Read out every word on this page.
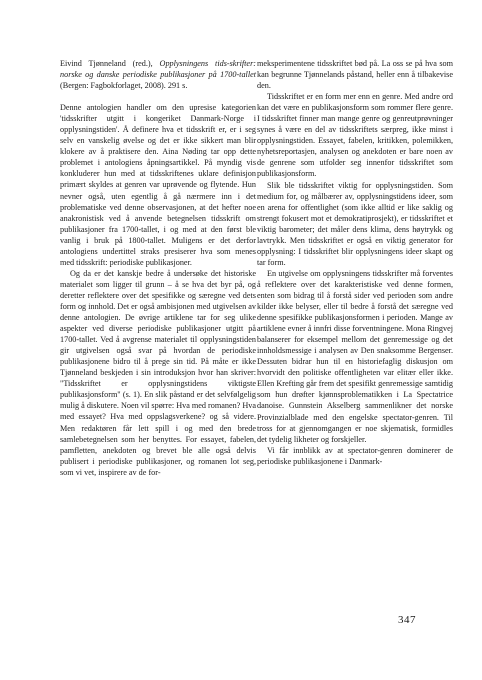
Eivind Tjønneland (red.), Opplysningens tids-skrifter: norske og danske periodiske publikasjoner på 1700-tallet (Bergen: Fagbokforlaget, 2008). 291 s.

Denne antologien handler om den upresise kategorien 'tidsskrifter utgitt i kongeriket Danmark-Norge i opplysningstiden'. Å definere hva et tidsskrift er, er i seg selv en vanskelig øvelse og det er ikke sikkert man blir klokere av å praktisere den. Aina Nøding tar opp dette problemet i antologiens åpningsartikkel. På myndig vis konkluderer hun med at tidsskriftenes uklare definisjon primært skyldes at genren var uprøvende og flytende. Hun nevner også, uten egentlig å gå nærmere inn i det problematiske ved denne observasjonen, at det hefter noe anakronistisk ved å anvende betegnelsen tidsskrift om publikasjoner fra 1700-tallet, i og med at den først ble vanlig i bruk på 1800-tallet. Muligens er det derfor antologiens undertittel straks presiserer hva som menes med tidsskrift: periodiske publikasjoner.

Og da er det kanskje bedre å undersøke det historiske materialet som ligger til grunn – å se hva det byr på, og deretter reflektere over det spesifikke og særegne ved dets form og innhold. Det er også ambisjonen med utgivelsen av denne antologien. De øvrige artiklene tar for seg ulike aspekter ved diverse periodiske publikasjoner utgitt på 1700-tallet. Ved å avgrense materialet til opplysningstiden gir utgivelsen også svar på hvordan de periodiske publikasjonene bidro til å prege sin tid. På måte er ikke Tjønneland beskjeden i sin introduksjon hvor han skriver: "Tidsskriftet er opplysningstidens viktigste publikasjonsform" (s. 1). En slik påstand er det selvfølgelig mulig å diskutere. Noen vil spørre: Hva med romanen? Hva med essayet? Hva med oppslagsverkene? og så videre. Men redaktøren får lett spill i og med den brede samlebetegnelsen som her benyttes. For essayet, fabelen, pamfletten, anekdoten og brevet ble alle også delvis publisert i periodiske publikasjoner, og romanen lot seg, som vi vet, inspirere av de for-

meksperimentene tidsskriftet bød på. La oss se på hva som kan begrunne Tjønnelands påstand, heller enn å tilbakevise den.

Tidsskriftet er en form mer enn en genre. Med andre ord kan det være en publikasjonsform som rommer flere genre. I tidsskriftet finner man mange genre og genreutprøvninger synes å være en del av tidsskriftets særpreg, ikke minst i opplysningstiden. Essayet, fabelen, kritikken, polemikken, nyhetsreportasjen, analysen og anekdoten er bare noen av de genrene som utfolder seg innenfor tidsskriftet som publikasjonsform.

Slik ble tidsskriftet viktig for opplysningstiden. Som medium for, og målbærer av, opplysningstidens ideer, som en arena for offentlighet (som ikke alltid er like saklig og strengt fokusert mot et demokratiprosjekt), er tidsskriftet et viktig barometer; det måler dens klima, dens høytrykk og lavtrykk. Men tidsskriftet er også en viktig generator for opplysning: I tidsskriftet blir opplysningens ideer skapt og tar form.

En utgivelse om opplysningens tidsskrifter må forventes å reflektere over det karakteristiske ved denne formen, enten som bidrag til å forstå sider ved perioden som andre kilder ikke belyser, eller til bedre å forstå det særegne ved denne spesifikke publikasjonsformen i perioden. Mange av artiklene evner å innfri disse forventningene. Mona Ringvej balanserer for eksempel mellom det genremessige og det innholdsmessige i analysen av Den snaksomme Bergenser. Dessuten bidrar hun til en historiefaglig diskusjon om hvorvidt den politiske offentligheten var elitær eller ikke. Ellen Krefting går frem det spesifikt genremessige samtidig som hun drøfter kjønnsproblematikken i La Spectatrice danoise. Gunnstein Akselberg sammenlikner det norske Provinzialblade med den engelske spectator-genren. Til tross for at gjennomgangen er noe skjematisk, formidles det tydelig likheter og forskjeller.

Vi får innblikk av at spectator-genren dominerer de periodiske publikasjonene i Danmark-

347
